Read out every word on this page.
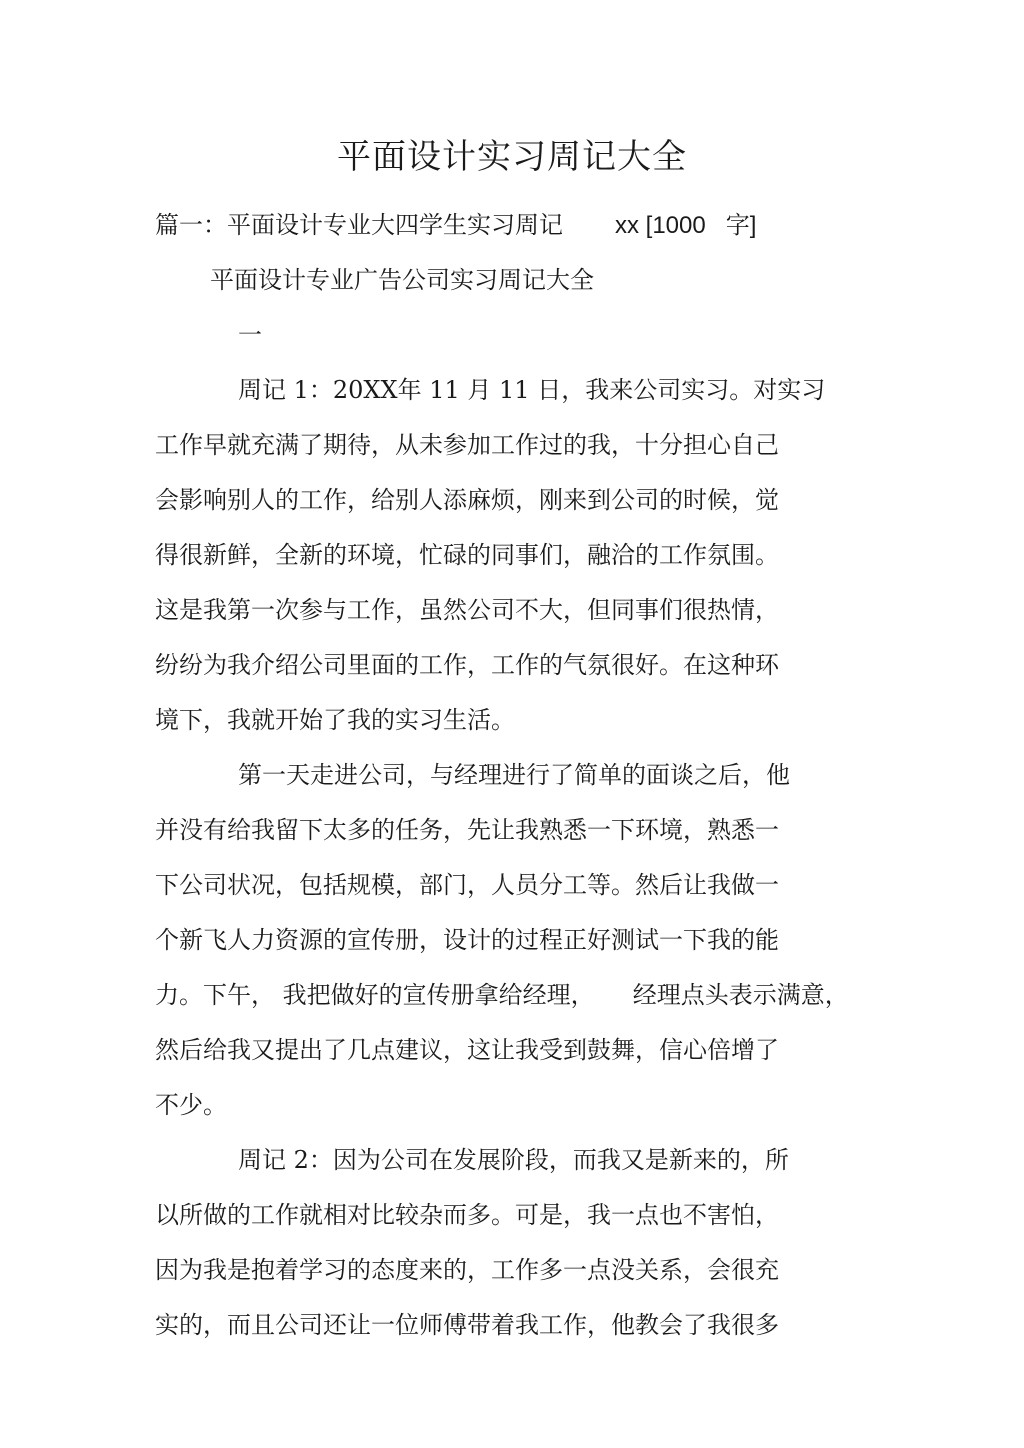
平面设计实习周记大全
篇一：平面设计专业大四学生实习周记 xx [1000   字]
平面设计专业广告公司实习周记大全
一
周记 1：20XX年 11 月 11 日，我来公司实习。对实习
工作早就充满了期待，从未参加工作过的我，十分担心自己
会影响别人的工作，给别人添麻烦，刚来到公司的时候，觉
得很新鲜，全新的环境，忙碌的同事们，融洽的工作氛围。
这是我第一次参与工作，虽然公司不大，但同事们很热情，
纷纷为我介绍公司里面的工作，工作的气氛很好。在这种环
境下，我就开始了我的实习生活。
第一天走进公司，与经理进行了简单的面谈之后，他
并没有给我留下太多的任务，先让我熟悉一下环境，熟悉一
下公司状况，包括规模，部门，人员分工等。然后让我做一
个新飞人力资源的宣传册，设计的过程正好测试一下我的能
力。下午， 我把做好的宣传册拿给经理，     经理点头表示满意，
然后给我又提出了几点建议，这让我受到鼓舞，信心倍增了
不少。
周记 2：因为公司在发展阶段，而我又是新来的，所
以所做的工作就相对比较杂而多。可是，我一点也不害怕，
因为我是抱着学习的态度来的，工作多一点没关系，会很充
实的，而且公司还让一位师傅带着我工作，他教会了我很多
